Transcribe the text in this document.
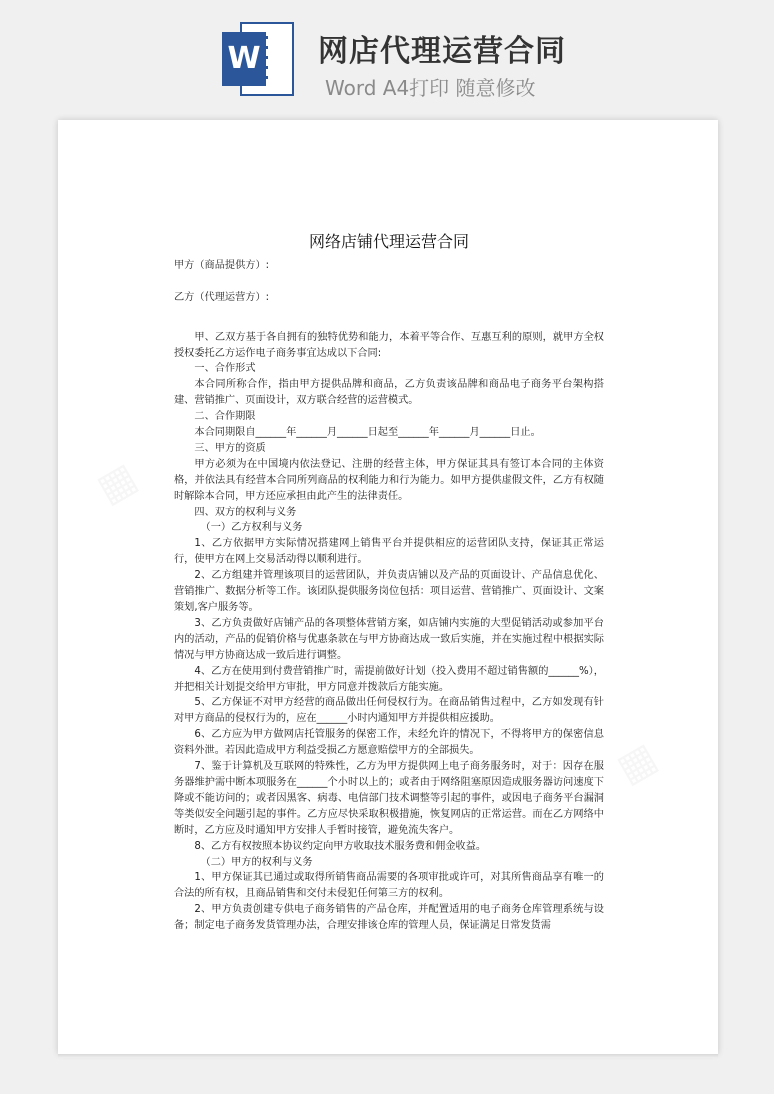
W 网店代理运营合同
Word A4打印 随意修改
网络店铺代理运营合同

甲方（商品提供方）:

乙方（代理运营方）:

甲、乙双方基于各自拥有的独特优势和能力，本着平等合作、互惠互利的原则，就甲方全权授权委托乙方运作电子商务事宜达成以下合同:

一、合作形式

本合同所称合作，指由甲方提供品牌和商品，乙方负责该品牌和商品电子商务平台架构搭建、营销推广、页面设计，双方联合经营的运营模式。

二、合作期限

本合同期限自______年______月______日起至______年______月______日止。

三、甲方的资质

甲方必须为在中国境内依法登记、注册的经营主体，甲方保证其具有签订本合同的主体资格，并依法具有经营本合同所列商品的权利能力和行为能力。如甲方提供虚假文件，乙方有权随时解除本合同，甲方还应承担由此产生的法律责任。

四、双方的权利与义务

（一）乙方权利与义务

1、乙方依据甲方实际情况搭建网上销售平台并提供相应的运营团队支持，保证其正常运行，使甲方在网上交易活动得以顺利进行。

2、乙方组建并管理该项目的运营团队，并负责店铺以及产品的页面设计、产品信息优化、营销推广、数据分析等工作。该团队提供服务岗位包括：项目运营、营销推广、页面设计、文案策划,客户服务等。

3、乙方负责做好店铺产品的各项整体营销方案，如店铺内实施的大型促销活动或参加平台内的活动，产品的促销价格与优惠条款在与甲方协商达成一致后实施，并在实施过程中根据实际情况与甲方协商达成一致后进行调整。

4、乙方在使用到付费营销推广时，需提前做好计划（投入费用不超过销售额的______%），并把相关计划提交给甲方审批，甲方同意并拨款后方能实施。

5、乙方保证不对甲方经营的商品做出任何侵权行为。在商品销售过程中，乙方如发现有针对甲方商品的侵权行为的，应在______小时内通知甲方并提供相应援助。

6、乙方应为甲方做网店托管服务的保密工作，未经允许的情况下，不得将甲方的保密信息资料外泄。若因此造成甲方利益受损乙方愿意赔偿甲方的全部损失。

7、鉴于计算机及互联网的特殊性，乙方为甲方提供网上电子商务服务时，对于：因存在服务器维护需中断本项服务在______个小时以上的；或者由于网络阻塞原因造成服务器访问速度下降或不能访问的；或者因黑客、病毒、电信部门技术调整等引起的事件，或因电子商务平台漏洞等类似安全问题引起的事件。乙方应尽快采取积极措施，恢复网店的正常运营。而在乙方网络中断时，乙方应及时通知甲方安排人手暂时接管，避免流失客户。

8、乙方有权按照本协议约定向甲方收取技术服务费和佣金收益。

（二）甲方的权利与义务

1、甲方保证其已通过或取得所销售商品需要的各项审批或许可，对其所售商品享有唯一的合法的所有权，且商品销售和交付未侵犯任何第三方的权利。

2、甲方负责创建专供电子商务销售的产品仓库，并配置适用的电子商务仓库管理系统与设备；制定电子商务发货管理办法，合理安排该仓库的管理人员，保证满足日常发货需
